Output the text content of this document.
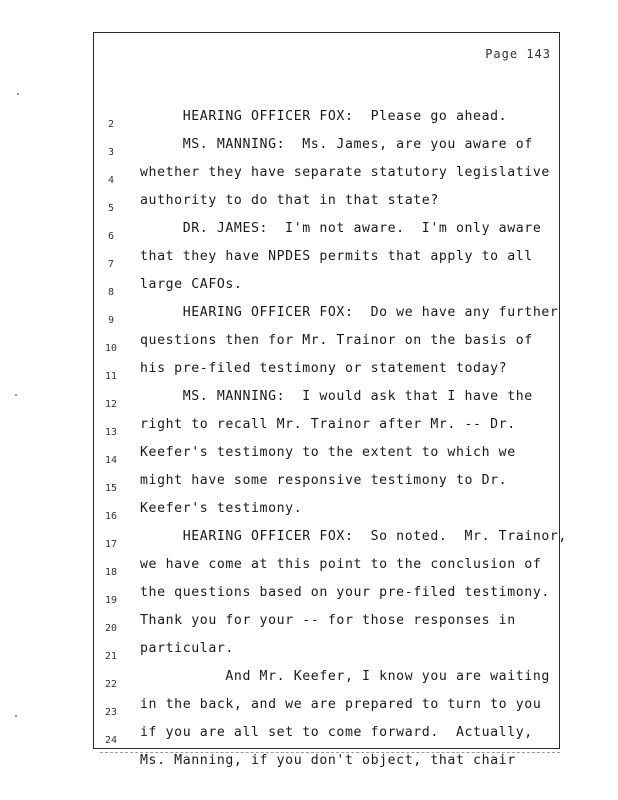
Page 143

HEARING OFFICER FOX:  Please go ahead.

2

MS. MANNING:  Ms. James, are you aware of

3

whether they have separate statutory legislative

4

authority to do that in that state?

5

DR. JAMES:  I'm not aware.  I'm only aware

6

that they have NPDES permits that apply to all

7

large CAFOs.

8

HEARING OFFICER FOX:  Do we have any further

9

questions then for Mr. Trainor on the basis of

10

his pre-filed testimony or statement today?

11

MS. MANNING:  I would ask that I have the

12

right to recall Mr. Trainor after Mr. -- Dr.

13

Keefer's testimony to the extent to which we

14

might have some responsive testimony to Dr.

15

Keefer's testimony.

16

HEARING OFFICER FOX:  So noted.  Mr. Trainor,

17

we have come at this point to the conclusion of

18

the questions based on your pre-filed testimony.

19

Thank you for your -- for those responses in

20

particular.

21

And Mr. Keefer, I know you are waiting

22

in the back, and we are prepared to turn to you

23

if you are all set to come forward.  Actually,

24

Ms. Manning, if you don't object, that chair
